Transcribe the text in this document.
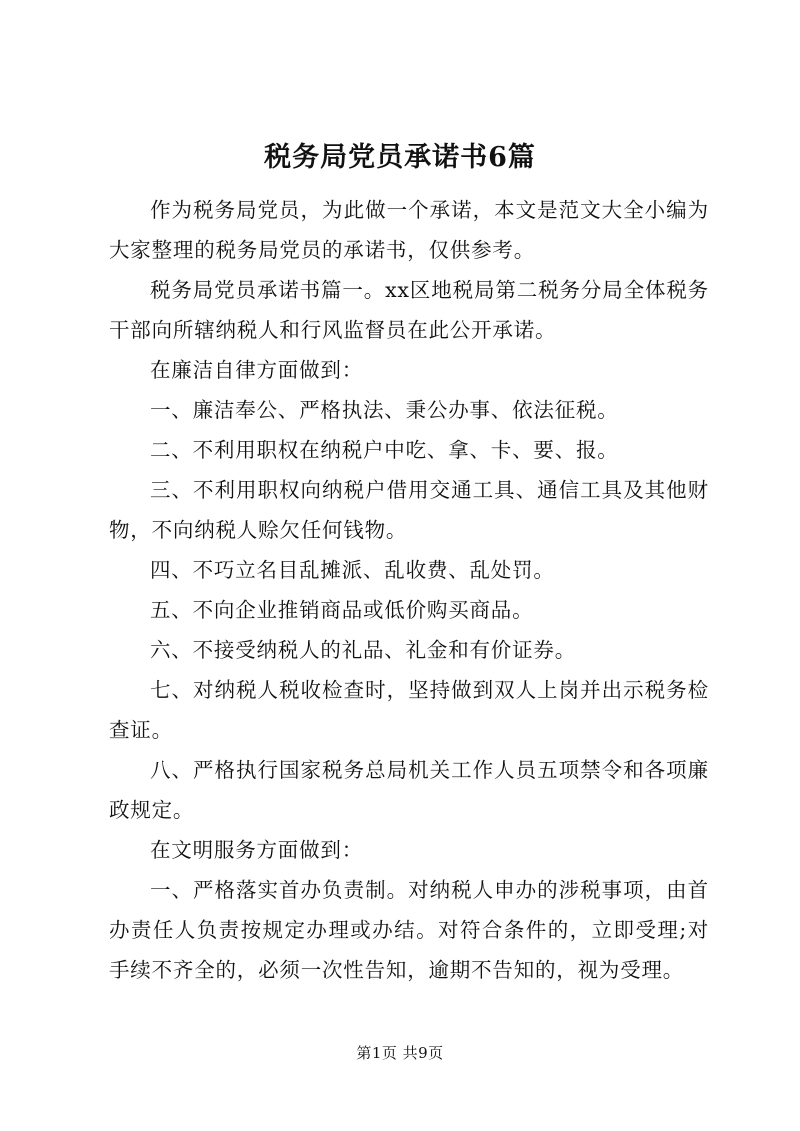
税务局党员承诺书6篇

作为税务局党员，为此做一个承诺，本文是范文大全小编为大家整理的税务局党员的承诺书，仅供参考。

税务局党员承诺书篇一。xx区地税局第二税务分局全体税务干部向所辖纳税人和行风监督员在此公开承诺。

在廉洁自律方面做到：

一、廉洁奉公、严格执法、秉公办事、依法征税。

二、不利用职权在纳税户中吃、拿、卡、要、报。

三、不利用职权向纳税户借用交通工具、通信工具及其他财物，不向纳税人赊欠任何钱物。

四、不巧立名目乱摊派、乱收费、乱处罚。

五、不向企业推销商品或低价购买商品。

六、不接受纳税人的礼品、礼金和有价证券。

七、对纳税人税收检查时，坚持做到双人上岗并出示税务检查证。

八、严格执行国家税务总局机关工作人员五项禁令和各项廉政规定。

在文明服务方面做到：

一、严格落实首办负责制。对纳税人申办的涉税事项，由首办责任人负责按规定办理或办结。对符合条件的，立即受理;对手续不齐全的，必须一次性告知，逾期不告知的，视为受理。

第1页 共9页
